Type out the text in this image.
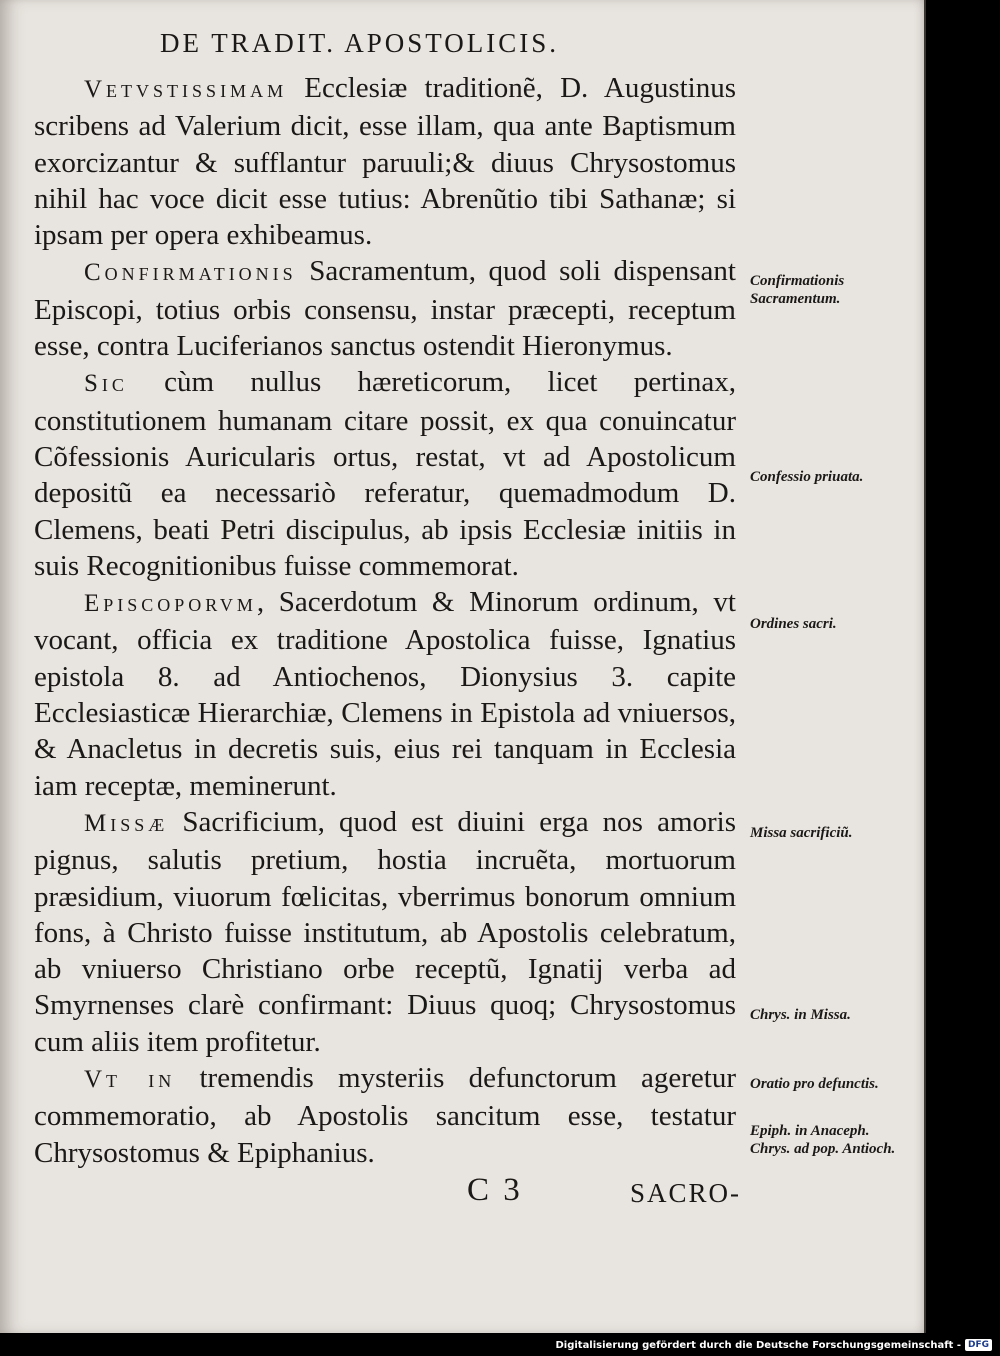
DE TRADIT. APOSTOLICIS.

Vetvstissimam Ecclesiæ traditionẽ, D. Augustinus scribens ad Valerium dicit, esse illam, qua ante Baptismum exorcizantur & sufflantur paruuli;& diuus Chrysostomus nihil hac voce dicit esse tutius: Abrenũtio tibi Sathanæ; si ipsam per opera exhibeamus.

Confirmationis Sacramentum, quod soli dispensant Episcopi, totius orbis consensu, instar præcepti, receptum esse, contra Luciferianos sanctus ostendit Hieronymus.

Sic cùm nullus hæreticorum, licet pertinax, constitutionem humanam citare possit, ex qua conuincatur Cõfessionis Auricularis ortus, restat, vt ad Apostolicum depositũ ea necessariò referatur, quemadmodum D. Clemens, beati Petri discipulus, ab ipsis Ecclesiæ initiis in suis Recognitionibus fuisse commemorat.

Episcoporvm, Sacerdotum & Minorum ordinum, vt vocant, officia ex traditione Apostolica fuisse, Ignatius epistola 8. ad Antiochenos, Dionysius 3. capite Ecclesiasticæ Hierarchiæ, Clemens in Epistola ad vniuersos, & Anacletus in decretis suis, eius rei tanquam in Ecclesia iam receptæ, meminerunt.

Missæ Sacrificium, quod est diuini erga nos amoris pignus, salutis pretium, hostia incruẽta, mortuorum præsidium, viuorum fœlicitas, vberrimus bonorum omnium fons, à Christo fuisse institutum, ab Apostolis celebratum, ab vniuerso Christiano orbe receptũ, Ignatij verba ad Smyrnenses clarè confirmant: Diuus quoq; Chrysostomus cum aliis item profitetur.

Vt in tremendis mysteriis defunctorum ageretur commemoratio, ab Apostolis sancitum esse, testatur Chrysostomus & Epiphanius.

Confirmationis Sacramentum.
Confessio priuata.
Ordines sacri.
Missa sacrificiũ.
Chrys. in Missa.
Oratio pro defunctis.
Epiph. in Anaceph. Chrys. ad pop. Antioch.
C 3	SACRO-
Digitalisierung gefördert durch die Deutsche Forschungsgemeinschaft - DFG
